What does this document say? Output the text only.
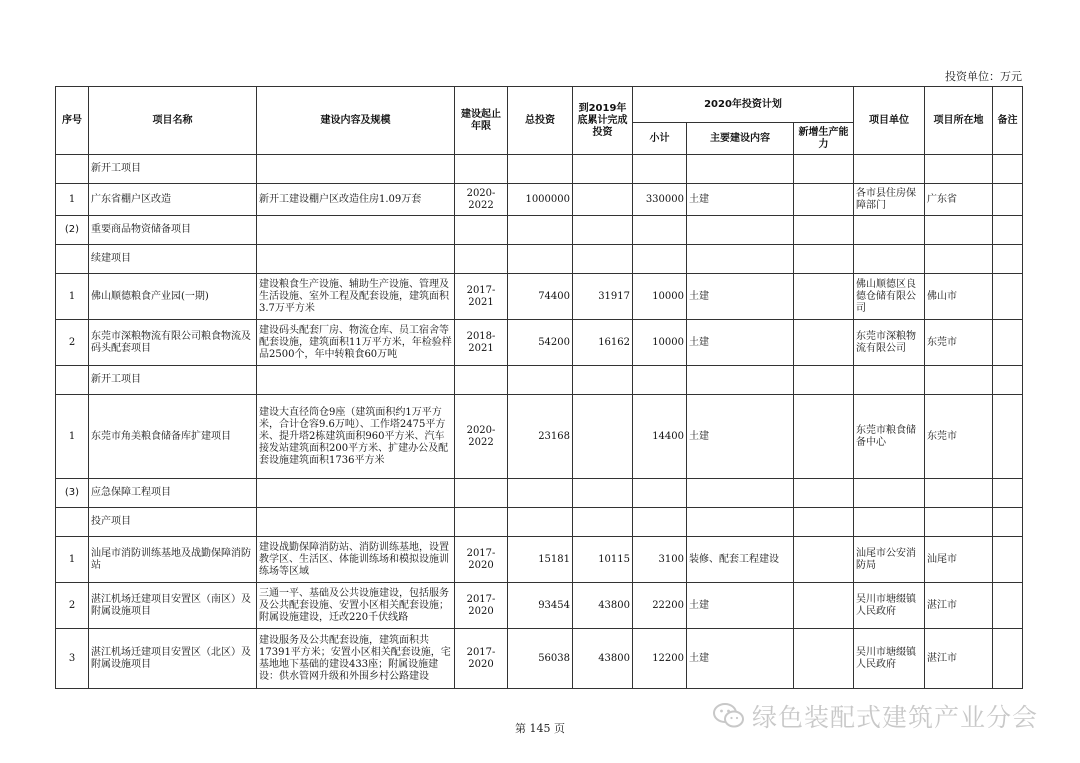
投资单位：万元
序号	项目名称	建设内容及规模	建设起止年限	总投资	到2019年底累计完成投资	2020年投资计划			项目单位	项目所在地	备注
						小计	主要建设内容	新增生产能力			
	新开工项目										
1	广东省棚户区改造	新开工建设棚户区改造住房1.09万套	2020-2022	1000000		330000	土建		各市县住房保障部门	广东省	
(2)	重要商品物资储备项目										
	续建项目										
1	佛山顺德粮食产业园(一期)	建设粮食生产设施、辅助生产设施、管理及生活设施、室外工程及配套设施，建筑面积3.7万平方米	2017-2021	74400	31917	10000	土建		佛山顺德区良德仓储有限公司	佛山市	
2	东莞市深粮物流有限公司粮食物流及码头配套项目	建设码头配套厂房、物流仓库、员工宿舍等配套设施，建筑面积11万平方米，年检验样品2500个，年中转粮食60万吨	2018-2021	54200	16162	10000	土建		东莞市深粮物流有限公司	东莞市	
	新开工项目										
1	东莞市角美粮食储备库扩建项目	建设大直径筒仓9座（建筑面积约1万平方米，合计仓容9.6万吨）、工作塔2475平方米、提升塔2栋建筑面积960平方米、汽车接发站建筑面积200平方米、扩建办公及配套设施建筑面积1736平方米	2020-2022	23168		14400	土建		东莞市粮食储备中心	东莞市	
(3)	应急保障工程项目										
	投产项目										
1	汕尾市消防训练基地及战勤保障消防站	建设战勤保障消防站、消防训练基地，设置教学区、生活区、体能训练场和模拟设施训练场等区域	2017-2020	15181	10115	3100	装修、配套工程建设		汕尾市公安消防局	汕尾市	
2	湛江机场迁建项目安置区（南区）及附属设施项目	三通一平、基础及公共设施建设，包括服务及公共配套设施、安置小区相关配套设施；附属设施建设，迁改220千伏线路	2017-2020	93454	43800	22200	土建		吴川市塘缀镇人民政府	湛江市	
3	湛江机场迁建项目安置区（北区）及附属设施项目	建设服务及公共配套设施，建筑面积共17391平方米；安置小区相关配套设施，宅基地地下基础的建设433座；附属设施建设：供水管网升级和外围乡村公路建设	2017-2020	56038	43800	12200	土建		吴川市塘缀镇人民政府	湛江市	
第 145 页	绿色装配式建筑产业分会
